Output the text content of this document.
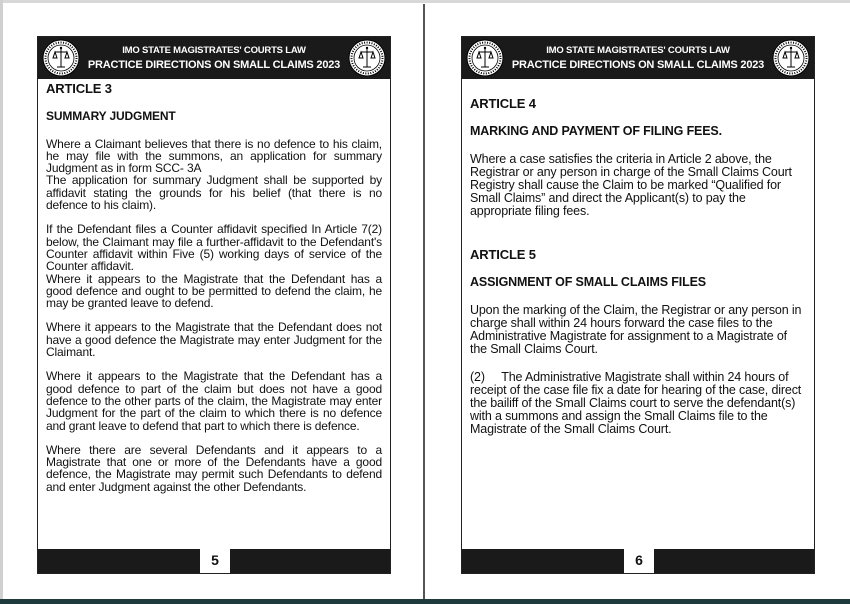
IMO STATE MAGISTRATES' COURTS LAW
PRACTICE DIRECTIONS ON SMALL CLAIMS 2023

ARTICLE 3

SUMMARY JUDGMENT

Where a Claimant believes that there is no defence to his claim, he may file with the summons, an application for summary Judgment as in form SCC- 3A

The application for summary Judgment shall be supported by affidavit stating the grounds for his belief (that there is no defence to his claim).

If the Defendant files a Counter affidavit specified In Article 7(2) below, the Claimant may file a further-affidavit to the Defendant's Counter affidavit within Five (5) working days of service of the Counter affidavit.

Where it appears to the Magistrate that the Defendant has a good defence and ought to be permitted to defend the claim, he may be granted leave to defend.

Where it appears to the Magistrate that the Defendant does not have a good defence the Magistrate may enter Judgment for the Claimant.

Where it appears to the Magistrate that the Defendant has a good defence to part of the claim but does not have a good defence to the other parts of the claim, the Magistrate may enter Judgment for the part of the claim to which there is no defence and grant leave to defend that part to which there is defence.

Where there are several Defendants and it appears to a Magistrate that one or more of the Defendants have a good defence, the Magistrate may permit such Defendants to defend and enter Judgment against the other Defendants.

5
IMO STATE MAGISTRATES' COURTS LAW
PRACTICE DIRECTIONS ON SMALL CLAIMS 2023

ARTICLE 4

MARKING AND PAYMENT OF FILING FEES.

Where a case satisfies the criteria in Article 2 above, the Registrar or any person in charge of the Small Claims Court Registry shall cause the Claim to be marked “Qualified for Small Claims” and direct the Applicant(s) to pay the appropriate filing fees.

ARTICLE 5

ASSIGNMENT OF SMALL CLAIMS FILES

Upon the marking of the Claim, the Registrar or any person in charge shall within 24 hours forward the case files to the Administrative Magistrate for assignment to a Magistrate of the Small Claims Court.

(2)     The Administrative Magistrate shall within 24 hours of receipt of the case file fix a date for hearing of the case, direct the bailiff of the Small Claims court to serve the defendant(s) with a summons and assign the Small Claims file to the Magistrate of the Small Claims Court.

6
